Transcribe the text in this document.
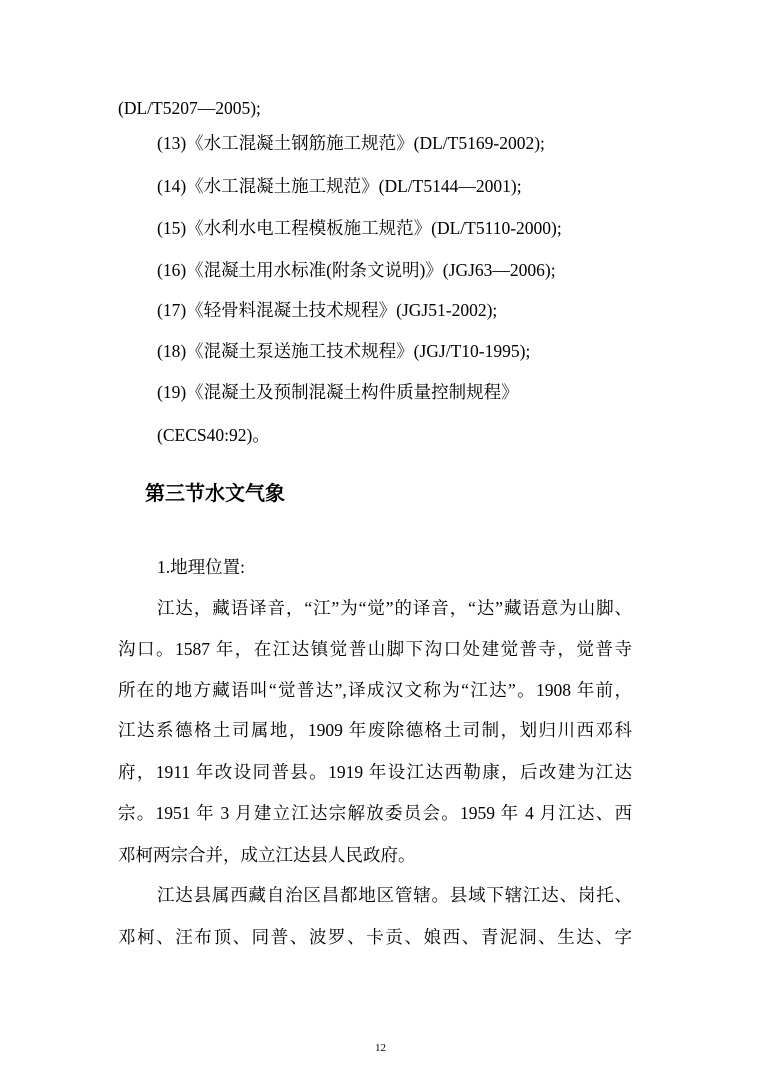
(DL/T5207—2005);
(13)《水工混凝土钢筋施工规范》(DL/T5169-2002);
(14)《水工混凝土施工规范》(DL/T5144—2001);
(15)《水利水电工程模板施工规范》(DL/T5110-2000);
(16)《混凝土用水标准(附条文说明)》(JGJ63—2006);
(17)《轻骨料混凝土技术规程》(JGJ51-2002);
(18)《混凝土泵送施工技术规程》(JGJ/T10-1995);
(19)《混凝土及预制混凝土构件质量控制规程》
(CECS40:92)。
第三节水文气象
1.地理位置:
江达，藏语译音，“江”为“觉”的译音，“达”藏语意为山脚、
沟口。1587 年，在江达镇觉普山脚下沟口处建觉普寺，觉普寺
所在的地方藏语叫“觉普达”,译成汉文称为“江达”。1908 年前，
江达系德格土司属地，1909 年废除德格土司制，划归川西邓科
府，1911 年改设同普县。1919 年设江达西勒康，后改建为江达
宗。1951 年 3 月建立江达宗解放委员会。1959 年 4 月江达、西
邓柯两宗合并，成立江达县人民政府。
江达县属西藏自治区昌都地区管辖。县域下辖江达、岗托、
邓柯、汪布顶、同普、波罗、卡贡、娘西、青泥洞、生达、字
12
